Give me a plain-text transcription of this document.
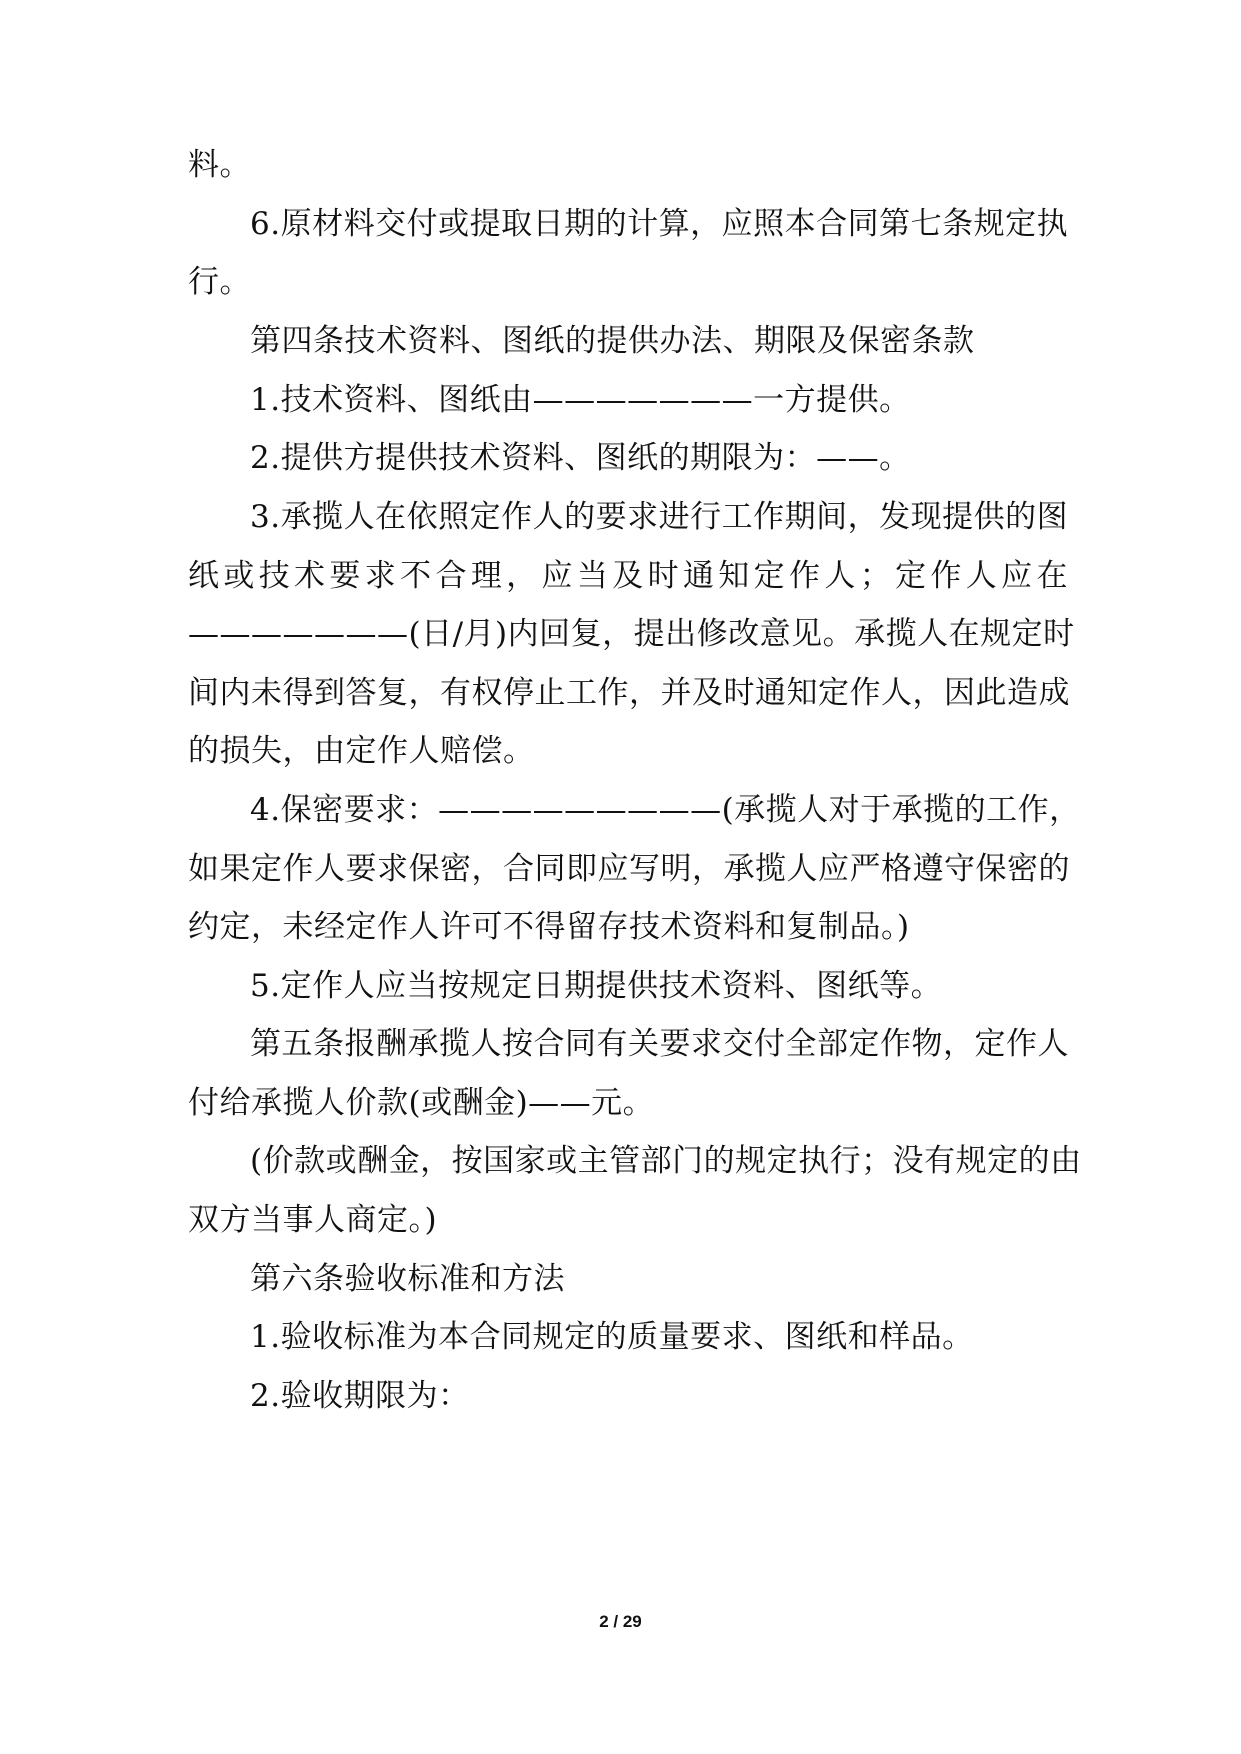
料。
6.原材料交付或提取日期的计算，应照本合同第七条规定执
行。
第四条技术资料、图纸的提供办法、期限及保密条款
1.技术资料、图纸由———————一方提供。
2.提供方提供技术资料、图纸的期限为：——。
3.承揽人在依照定作人的要求进行工作期间，发现提供的图
纸或技术要求不合理，应当及时通知定作人；定作人应在
———————(日/月)内回复，提出修改意见。承揽人在规定时
间内未得到答复，有权停止工作，并及时通知定作人，因此造成
的损失，由定作人赔偿。
4.保密要求：—————————(承揽人对于承揽的工作，
如果定作人要求保密，合同即应写明，承揽人应严格遵守保密的
约定，未经定作人许可不得留存技术资料和复制品。)
5.定作人应当按规定日期提供技术资料、图纸等。
第五条报酬承揽人按合同有关要求交付全部定作物，定作人
付给承揽人价款(或酬金)——元。
(价款或酬金，按国家或主管部门的规定执行；没有规定的由
双方当事人商定。)
第六条验收标准和方法
1.验收标准为本合同规定的质量要求、图纸和样品。
2.验收期限为：
2 / 29
